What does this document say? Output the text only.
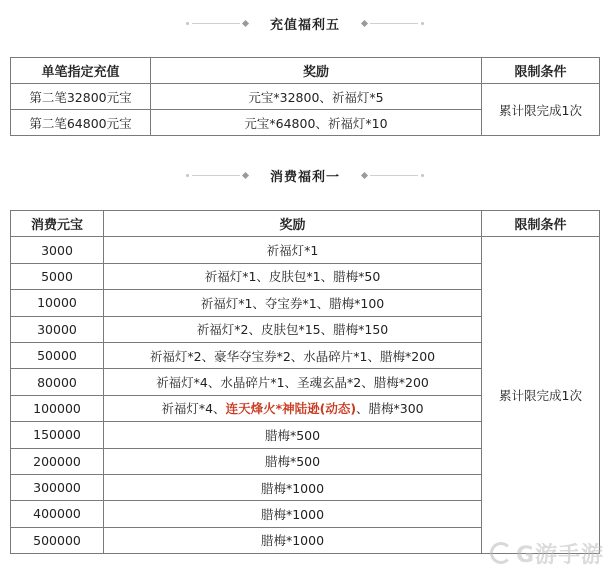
充值福利五
单笔指定充值	奖励	限制条件
第二笔32800元宝	元宝*32800、祈福灯*5	累计限完成1次
第二笔64800元宝	元宝*64800、祈福灯*10	
消费福利一
消费元宝	奖励	限制条件
3000	祈福灯*1	累计限完成1次
5000	祈福灯*1、皮肤包*1、腊梅*50	
10000	祈福灯*1、夺宝券*1、腊梅*100	
30000	祈福灯*2、皮肤包*15、腊梅*150	
50000	祈福灯*2、豪华夺宝券*2、水晶碎片*1、腊梅*200	
80000	祈福灯*4、水晶碎片*1、圣魂玄晶*2、腊梅*200	
100000	祈福灯*4、连天烽火*神陆逊(动态)、腊梅*300	
150000	腊梅*500	
200000	腊梅*500	
300000	腊梅*1000	
400000	腊梅*1000	
500000	腊梅*1000	
G游手游
